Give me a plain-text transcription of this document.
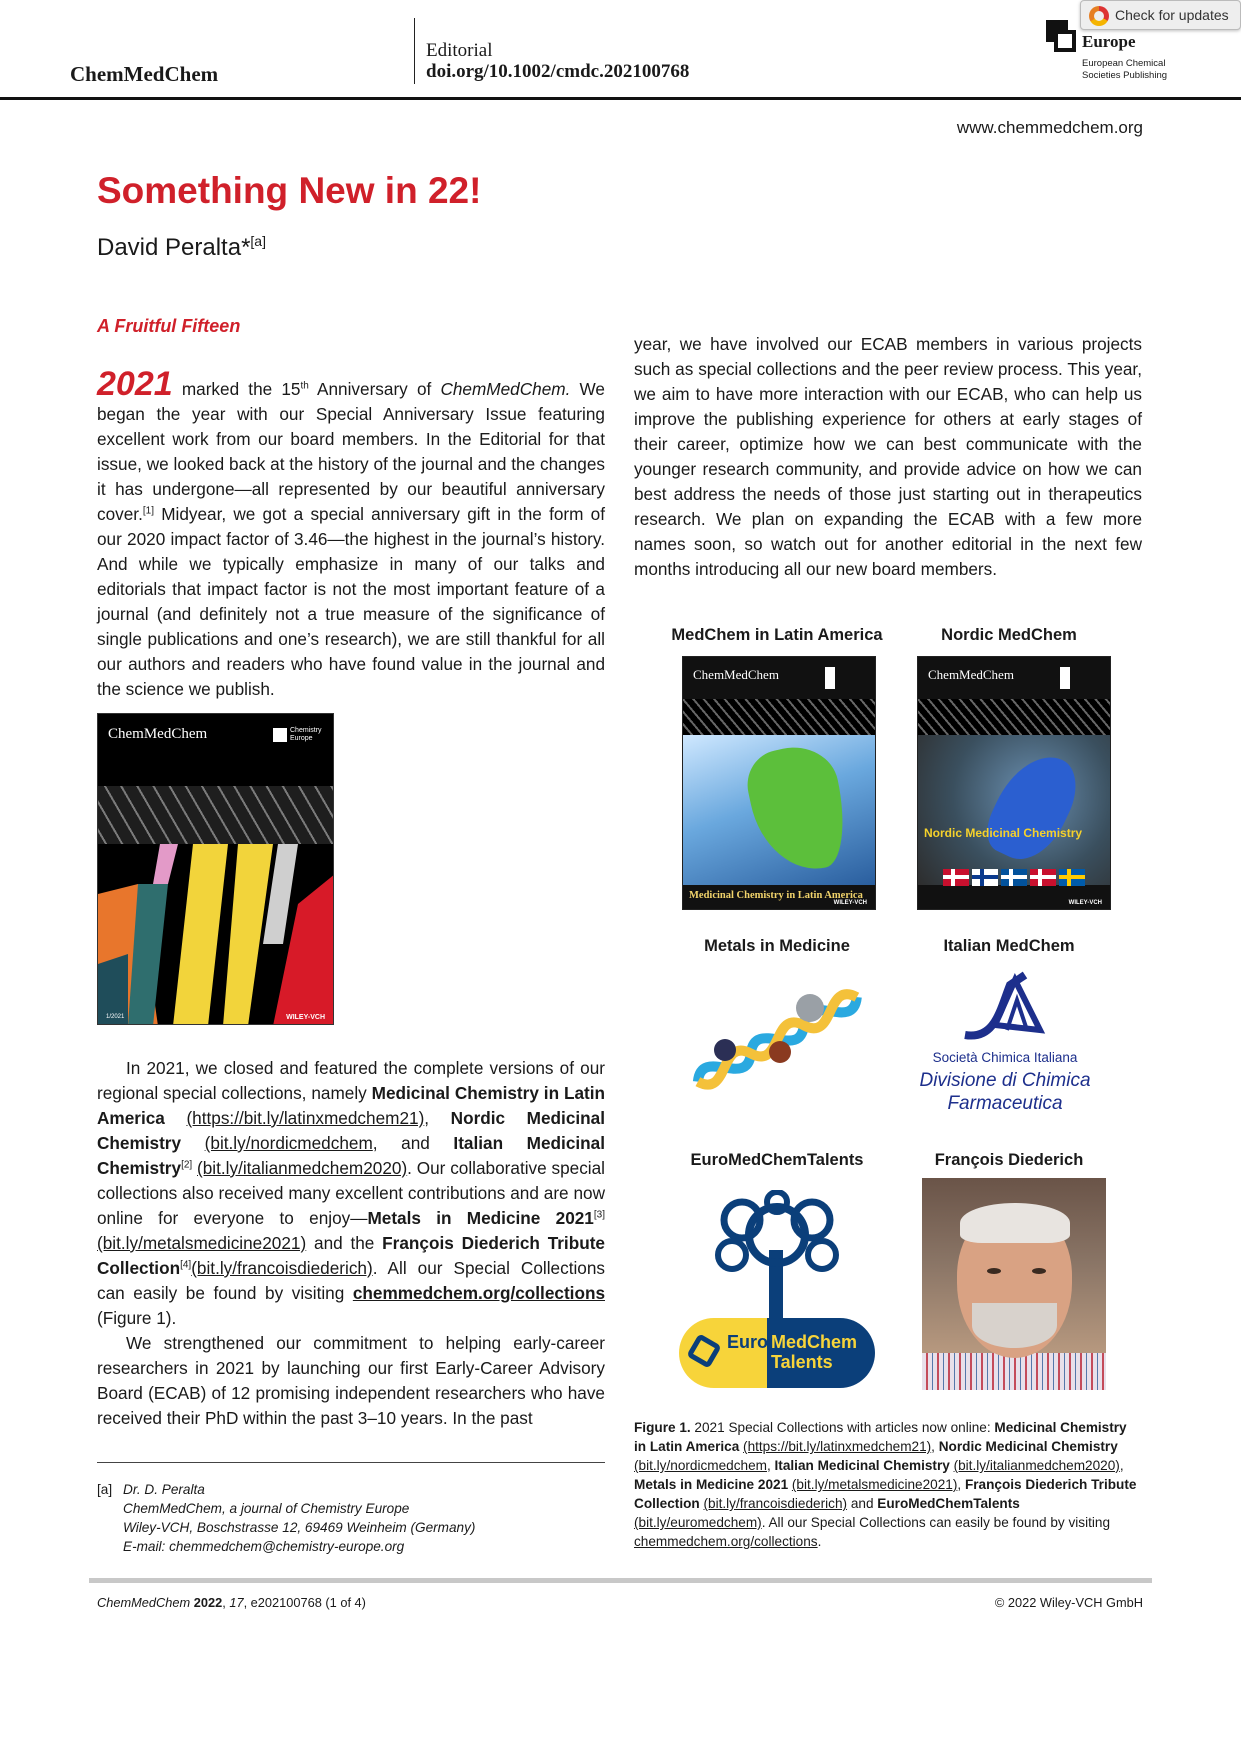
ChemMedChem
Editorial
doi.org/10.1002/cmdc.202100768
Europe
European Chemical Societies Publishing
Check for updates
www.chemmedchem.org
Something New in 22!
David Peralta*[a]
A Fruitful Fifteen

2021 marked the 15th Anniversary of ChemMedChem. We began the year with our Special Anniversary Issue featuring excellent work from our board members. In the Editorial for that issue, we looked back at the history of the journal and the changes it has undergone—all represented by our beautiful anniversary cover.[1] Midyear, we got a special anniversary gift in the form of our 2020 impact factor of 3.46—the highest in the journal’s history. And while we typically emphasize in many of our talks and editorials that impact factor is not the most important feature of a journal (and definitely not a true measure of the significance of single publications and one’s research), we are still thankful for all our authors and readers who have found value in the journal and the science we publish.

ChemMedChem	Chemistry Europe
1/2021	WILEY-VCH

In 2021, we closed and featured the complete versions of our regional special collections, namely Medicinal Chemistry in Latin America (https://bit.ly/latinxmedchem21), Nordic Medicinal Chemistry (bit.ly/nordicmedchem, and Italian Medicinal Chemistry[2] (bit.ly/italianmedchem2020). Our collaborative special collections also received many excellent contributions and are now online for everyone to enjoy—Metals in Medicine 2021[3] (bit.ly/metalsmedicine2021) and the François Diederich Tribute Collection[4](bit.ly/francoisdiederich). All our Special Collections can easily be found by visiting chemmedchem.org/collections (Figure 1).

We strengthened our commitment to helping early-career researchers in 2021 by launching our first Early-Career Advisory Board (ECAB) of 12 promising independent researchers who have received their PhD within the past 3–10 years. In the past

year, we have involved our ECAB members in various projects such as special collections and the peer review process. This year, we aim to have more interaction with our ECAB, who can help us improve the publishing experience for others at early stages of their career, optimize how we can best communicate with the younger research community, and provide advice on how we can best address the needs of those just starting out in therapeutics research. We plan on expanding the ECAB with a few more names soon, so watch out for another editorial in the next few months introducing all our new board members.
MedChem in Latin America	Nordic MedChem
Metals in Medicine	Italian MedChem
EuroMedChemTalents	François Diederich
ChemMedChem
Medicinal Chemistry in Latin America
WILEY-VCH
ChemMedChem
Nordic Medicinal Chemistry
WILEY-VCH
Società Chimica Italiana
Divisione di Chimica
Farmaceutica
Euro MedChem
Talents
Figure 1. 2021 Special Collections with articles now online: Medicinal Chemistry in Latin America (https://bit.ly/latinxmedchem21), Nordic Medicinal Chemistry (bit.ly/nordicmedchem, Italian Medicinal Chemistry (bit.ly/italianmedchem2020), Metals in Medicine 2021 (bit.ly/metalsmedicine2021), François Diederich Tribute Collection (bit.ly/francoisdiederich) and EuroMedChemTalents (bit.ly/euromedchem). All our Special Collections can easily be found by visiting chemmedchem.org/collections.
[a] Dr. D. Peralta
ChemMedChem, a journal of Chemistry Europe
Wiley-VCH, Boschstrasse 12, 69469 Weinheim (Germany)
E-mail: chemmedchem@chemistry-europe.org
ChemMedChem 2022, 17, e202100768 (1 of 4)	© 2022 Wiley-VCH GmbH
